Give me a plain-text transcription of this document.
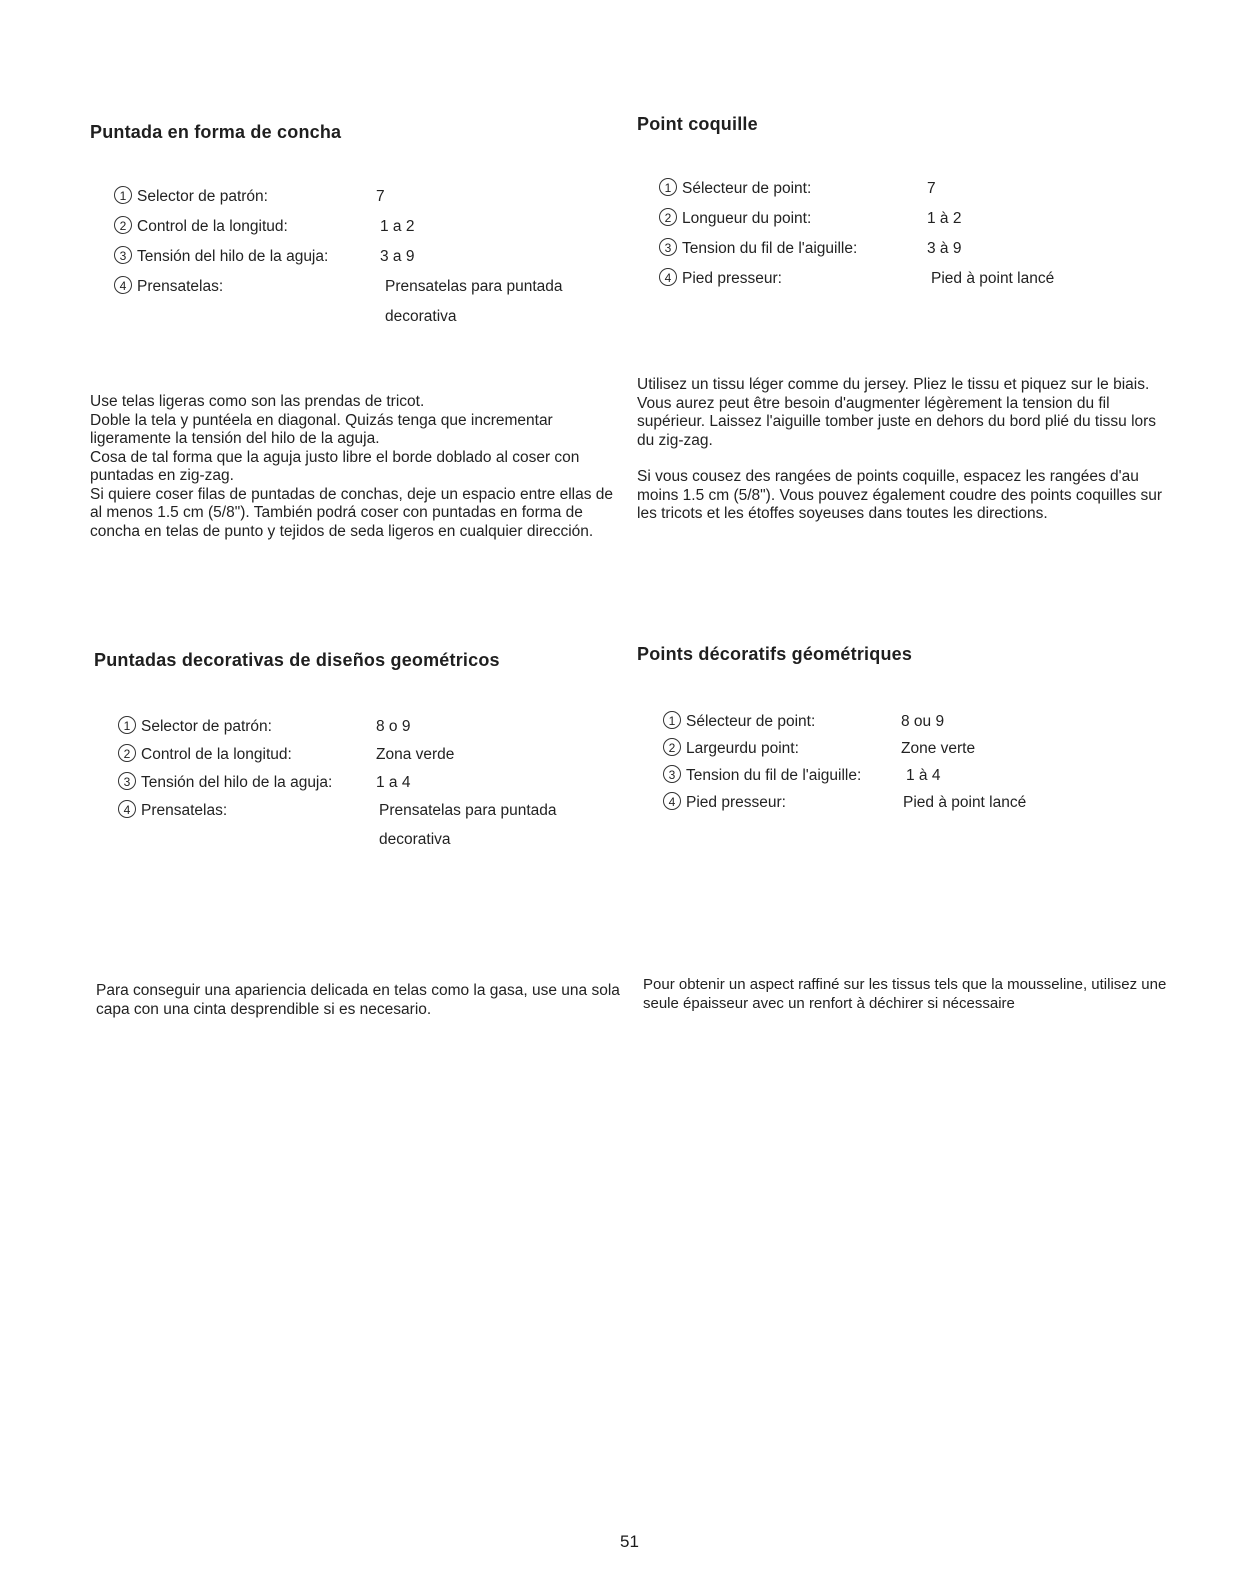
Puntada en forma de concha
1 Selector de patrón:	7
2 Control de la longitud:	1 a 2
3 Tensión del hilo de la aguja:	3 a 9
4 Prensatelas:	Prensatelas para puntada decorativa

Use telas ligeras como son las prendas de tricot.

Doble la tela y puntéela en diagonal. Quizás tenga que incrementar ligeramente la tensión del hilo de la aguja.

Cosa de tal forma que la aguja justo libre el borde doblado al coser con puntadas en zig-zag.

Si quiere coser filas de puntadas de conchas, deje un espacio entre ellas de al menos 1.5 cm (5/8"). También podrá coser con puntadas en forma de concha en telas de punto y tejidos de seda ligeros en cualquier dirección.

Point coquille
1 Sélecteur de point:	7
2 Longueur du point:	1 à 2
3 Tension du fil de l'aiguille:	3 à 9
4 Pied presseur:	Pied à point lancé

Utilisez un tissu léger comme du jersey. Pliez le tissu et piquez sur le biais. Vous aurez peut être besoin d'augmenter légèrement la tension du fil supérieur. Laissez l'aiguille tomber juste en dehors du bord plié du tissu lors du zig-zag.

Si vous cousez des rangées de points coquille, espacez les rangées d'au moins 1.5 cm (5/8"). Vous pouvez également coudre des points coquilles sur les tricots et les étoffes soyeuses dans toutes les directions.

Puntadas decorativas de diseños geométricos
1 Selector de patrón:	8 o 9
2 Control de la longitud:	Zona verde
3 Tensión del hilo de la aguja:	1 a 4
4 Prensatelas:	Prensatelas para puntada decorativa

Para conseguir una apariencia delicada en telas como la gasa, use una sola capa con una cinta desprendible si es necesario.

Points décoratifs géométriques
1 Sélecteur de point:	8 ou 9
2 Largeurdu point:	Zone verte
3 Tension du fil de l'aiguille:	1 à 4
4 Pied presseur:	Pied à point lancé

Pour obtenir un aspect raffiné sur les tissus tels que la mousseline, utilisez une seule épaisseur avec un renfort à déchirer si nécessaire

51
